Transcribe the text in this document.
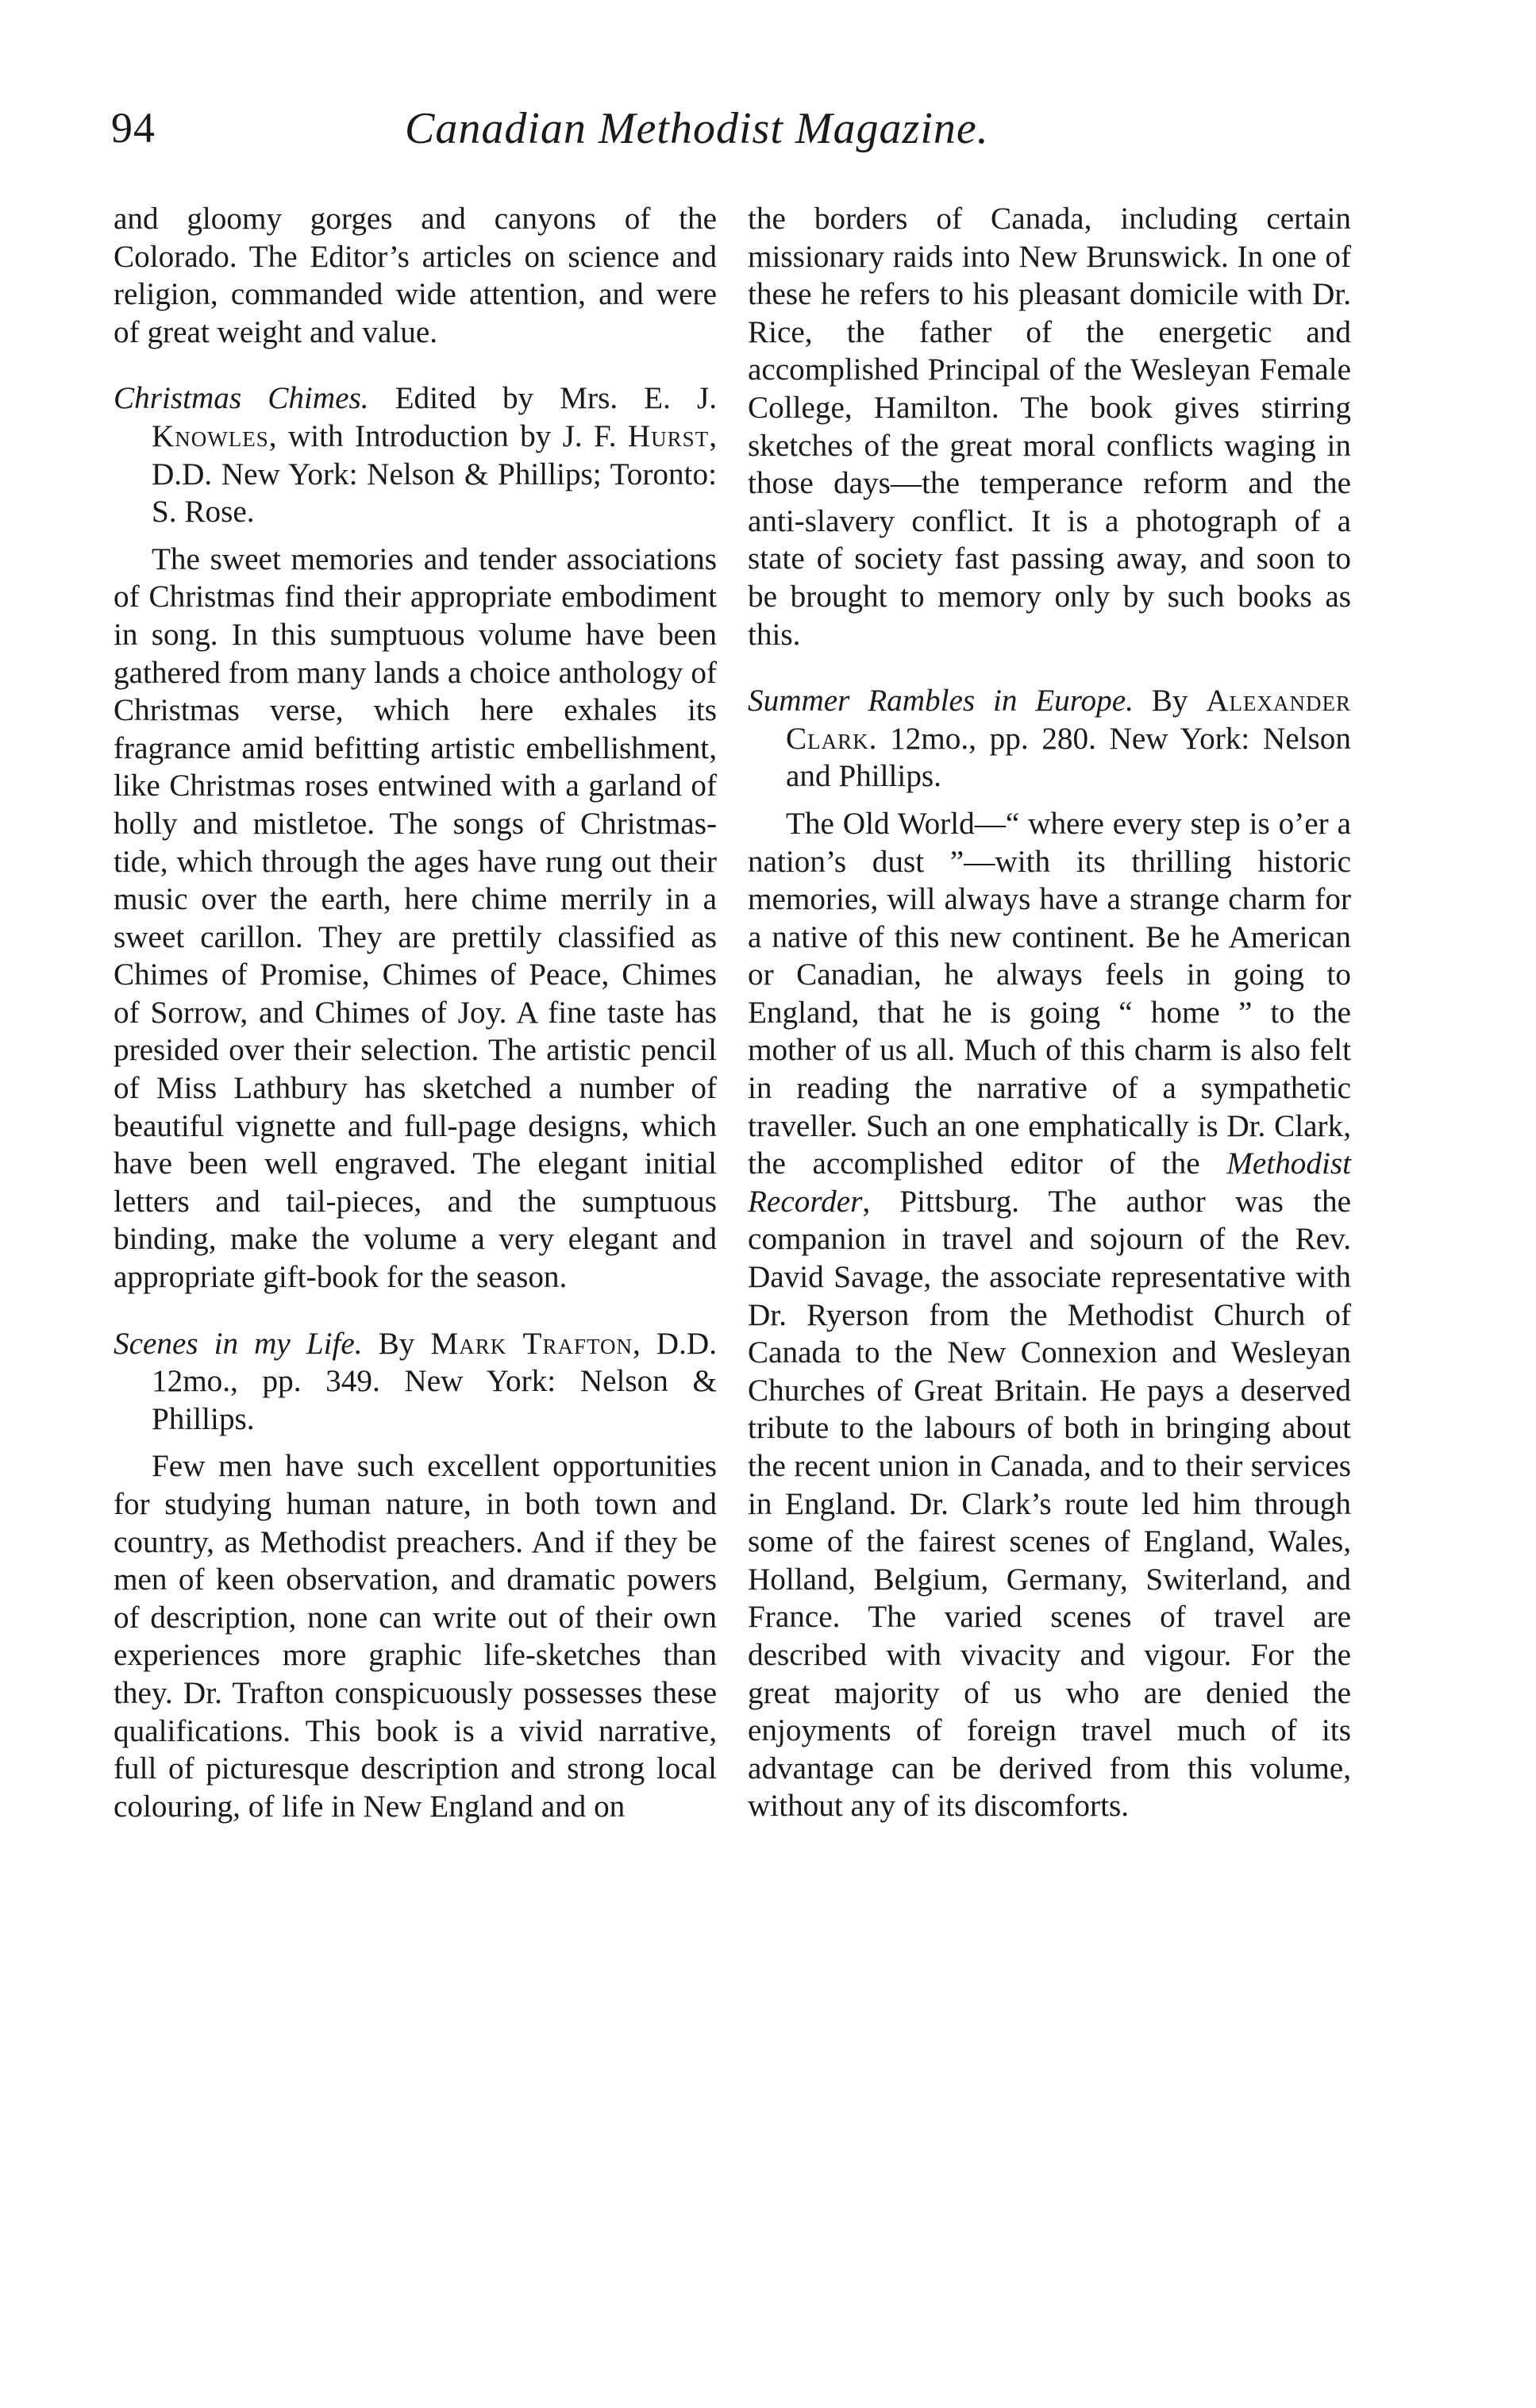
94	Canadian Methodist Magazine.

and gloomy gorges and canyons of the Colorado. The Editor’s articles on science and religion, commanded wide attention, and were of great weight and value.

Christmas Chimes. Edited by Mrs. E. J. Knowles, with Introduction by J. F. Hurst, D.D. New York: Nelson & Phillips; Toronto: S. Rose.

The sweet memories and tender associations of Christmas find their appropriate embodiment in song. In this sumptuous volume have been gathered from many lands a choice anthology of Christmas verse, which here exhales its fragrance amid befitting artistic embellishment, like Christmas roses entwined with a garland of holly and mistletoe. The songs of Christmas-tide, which through the ages have rung out their music over the earth, here chime merrily in a sweet carillon. They are prettily classified as Chimes of Promise, Chimes of Peace, Chimes of Sorrow, and Chimes of Joy. A fine taste has presided over their selection. The artistic pencil of Miss Lathbury has sketched a number of beautiful vignette and full-page designs, which have been well engraved. The elegant initial letters and tail-pieces, and the sumptuous binding, make the volume a very elegant and appropriate gift-book for the season.

Scenes in my Life. By Mark Trafton, D.D. 12mo., pp. 349. New York: Nelson & Phillips.

Few men have such excellent opportunities for studying human nature, in both town and country, as Methodist preachers. And if they be men of keen observation, and dramatic powers of description, none can write out of their own experiences more graphic life-sketches than they. Dr. Trafton conspicuously possesses these qualifications. This book is a vivid narrative, full of picturesque description and strong local colouring, of life in New England and on

the borders of Canada, including certain missionary raids into New Brunswick. In one of these he refers to his pleasant domicile with Dr. Rice, the father of the energetic and accomplished Principal of the Wesleyan Female College, Hamilton. The book gives stirring sketches of the great moral conflicts waging in those days—the temperance reform and the anti-slavery conflict. It is a photograph of a state of society fast passing away, and soon to be brought to memory only by such books as this.

Summer Rambles in Europe. By Alexander Clark. 12mo., pp. 280. New York: Nelson and Phillips.

The Old World—“ where every step is o’er a nation’s dust ”—with its thrilling historic memories, will always have a strange charm for a native of this new continent. Be he American or Canadian, he always feels in going to England, that he is going “ home ” to the mother of us all. Much of this charm is also felt in reading the narrative of a sympathetic traveller. Such an one emphatically is Dr. Clark, the accomplished editor of the Methodist Recorder, Pittsburg. The author was the companion in travel and sojourn of the Rev. David Savage, the associate representative with Dr. Ryerson from the Methodist Church of Canada to the New Connexion and Wesleyan Churches of Great Britain. He pays a deserved tribute to the labours of both in bringing about the recent union in Canada, and to their services in England. Dr. Clark’s route led him through some of the fairest scenes of England, Wales, Holland, Belgium, Germany, Switerland, and France. The varied scenes of travel are described with vivacity and vigour. For the great majority of us who are denied the enjoyments of foreign travel much of its advantage can be derived from this volume, without any of its discomforts.
